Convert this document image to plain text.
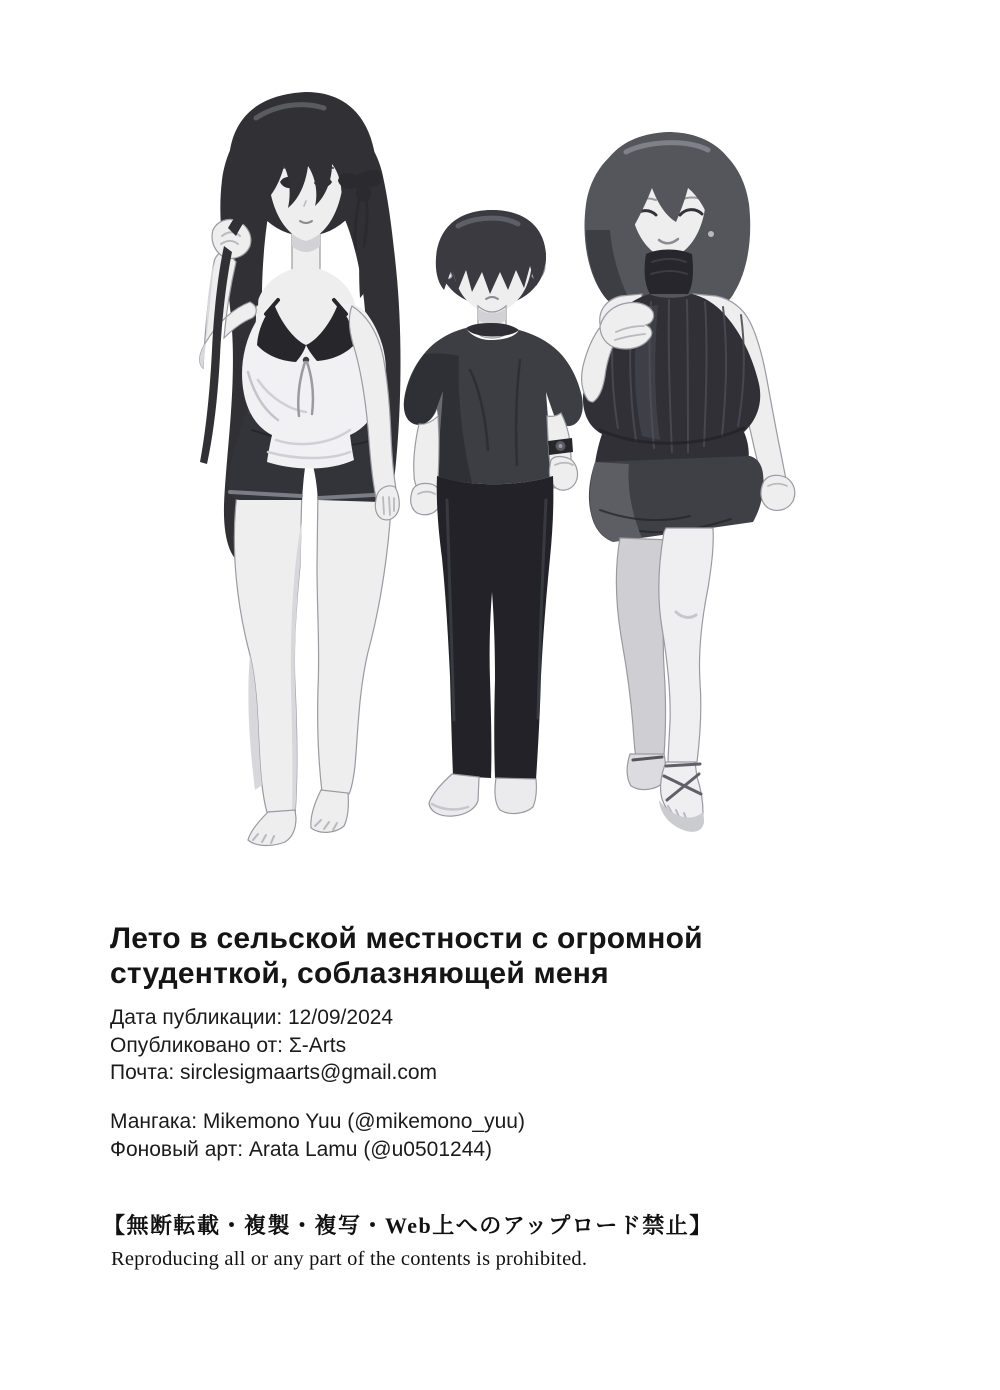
Лето в сельской местности с огромной
студенткой, соблазняющей меня
Дата публикации: 12/09/2024
Опубликовано от: Σ-Arts
Почта: sirclesigmaarts@gmail.com
Мангака: Mikemono Yuu (@mikemono_yuu)
Фоновый арт: Arata Lamu (@u0501244)
【無断転載・複製・複写・Web上へのアップロード禁止】
Reproducing all or any part of the contents is prohibited.
